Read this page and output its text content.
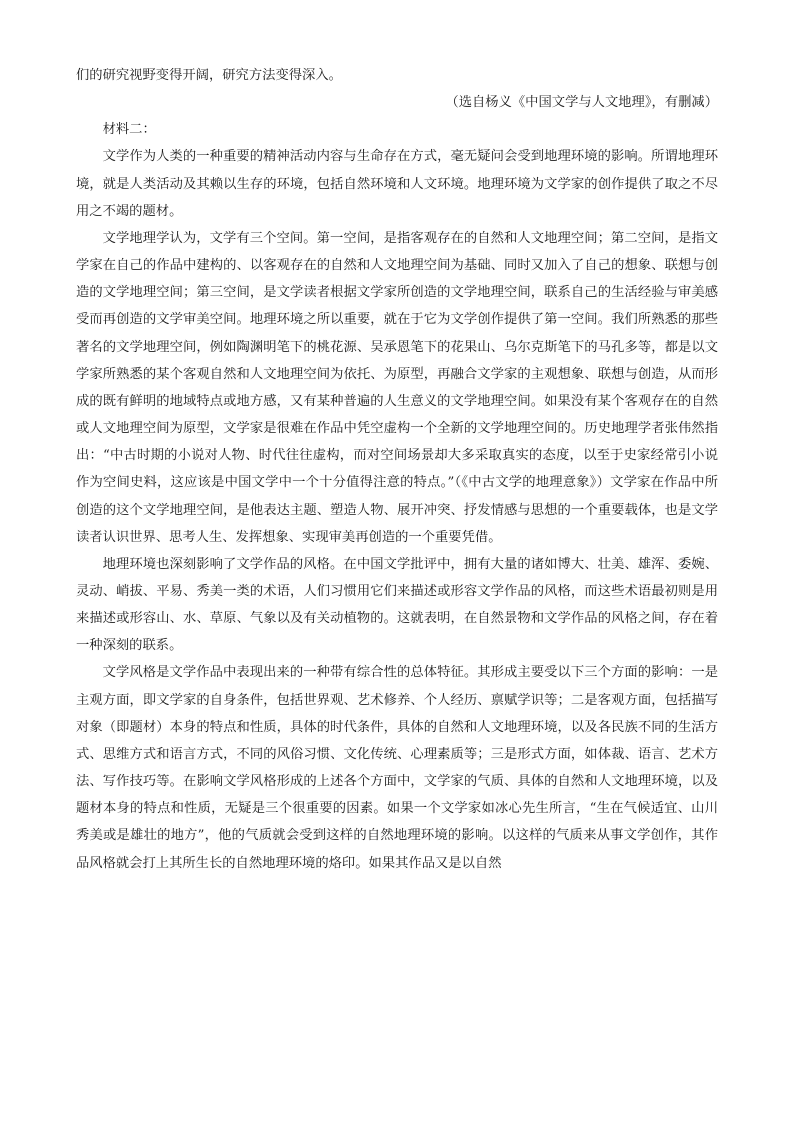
们的研究视野变得开阔，研究方法变得深入。

（选自杨义《中国文学与人文地理》，有删减）

材料二：

文学作为人类的一种重要的精神活动内容与生命存在方式，毫无疑问会受到地理环境的影响。所谓地理环境，就是人类活动及其赖以生存的环境，包括自然环境和人文环境。地理环境为文学家的创作提供了取之不尽用之不竭的题材。

文学地理学认为，文学有三个空间。第一空间，是指客观存在的自然和人文地理空间；第二空间，是指文学家在自己的作品中建构的、以客观存在的自然和人文地理空间为基础、同时又加入了自己的想象、联想与创造的文学地理空间；第三空间，是文学读者根据文学家所创造的文学地理空间，联系自己的生活经验与审美感受而再创造的文学审美空间。地理环境之所以重要，就在于它为文学创作提供了第一空间。我们所熟悉的那些著名的文学地理空间，例如陶渊明笔下的桃花源、吴承恩笔下的花果山、乌尔克斯笔下的马孔多等，都是以文学家所熟悉的某个客观自然和人文地理空间为依托、为原型，再融合文学家的主观想象、联想与创造，从而形成的既有鲜明的地域特点或地方感，又有某种普遍的人生意义的文学地理空间。如果没有某个客观存在的自然或人文地理空间为原型，文学家是很难在作品中凭空虚构一个全新的文学地理空间的。历史地理学者张伟然指出：“中古时期的小说对人物、时代往往虚构，而对空间场景却大多采取真实的态度，以至于史家经常引小说作为空间史料，这应该是中国文学中一个十分值得注意的特点。”（《中古文学的地理意象》）文学家在作品中所创造的这个文学地理空间，是他表达主题、塑造人物、展开冲突、抒发情感与思想的一个重要载体，也是文学读者认识世界、思考人生、发挥想象、实现审美再创造的一个重要凭借。

地理环境也深刻影响了文学作品的风格。在中国文学批评中，拥有大量的诸如博大、壮美、雄浑、委婉、灵动、峭拔、平易、秀美一类的术语，人们习惯用它们来描述或形容文学作品的风格，而这些术语最初则是用来描述或形容山、水、草原、气象以及有关动植物的。这就表明，在自然景物和文学作品的风格之间，存在着一种深刻的联系。

文学风格是文学作品中表现出来的一种带有综合性的总体特征。其形成主要受以下三个方面的影响：一是主观方面，即文学家的自身条件，包括世界观、艺术修养、个人经历、禀赋学识等；二是客观方面，包括描写对象（即题材）本身的特点和性质，具体的时代条件，具体的自然和人文地理环境，以及各民族不同的生活方式、思维方式和语言方式，不同的风俗习惯、文化传统、心理素质等；三是形式方面，如体裁、语言、艺术方法、写作技巧等。在影响文学风格形成的上述各个方面中，文学家的气质、具体的自然和人文地理环境，以及题材本身的特点和性质，无疑是三个很重要的因素。如果一个文学家如冰心先生所言，“生在气候适宜、山川秀美或是雄壮的地方”，他的气质就会受到这样的自然地理环境的影响。以这样的气质来从事文学创作，其作品风格就会打上其所生长的自然地理环境的烙印。如果其作品又是以自然
